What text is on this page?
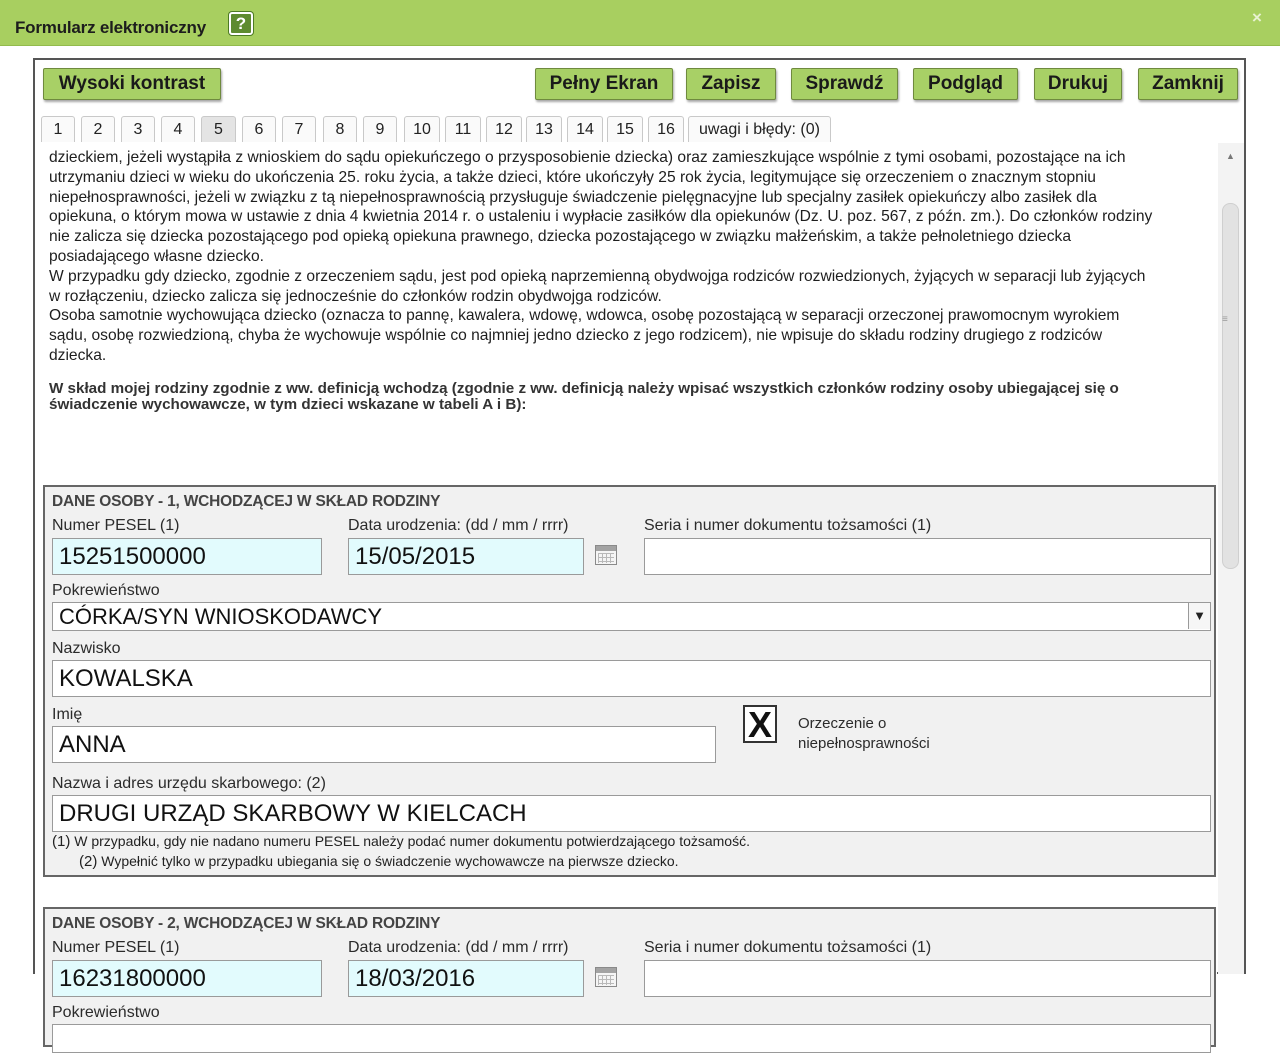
Formularz elektroniczny	?	×
Wysoki kontrast	Pełny Ekran	Zapisz	Sprawdź	Podgląd	Drukuj	Zamknij
1	2	3	4	5	6	7	8	9	10	11	12	13	14	15	16	uwagi i błędy: (0)

dzieckiem, jeżeli wystąpiła z wnioskiem do sądu opiekuńczego o przysposobienie dziecka) oraz zamieszkujące wspólnie z tymi osobami, pozostające na ich

utrzymaniu dzieci w wieku do ukończenia 25. roku życia, a także dzieci, które ukończyły 25 rok życia, legitymujące się orzeczeniem o znacznym stopniu

niepełnosprawności, jeżeli w związku z tą niepełnosprawnością przysługuje świadczenie pielęgnacyjne lub specjalny zasiłek opiekuńczy albo zasiłek dla

opiekuna, o którym mowa w ustawie z dnia 4 kwietnia 2014 r. o ustaleniu i wypłacie zasiłków dla opiekunów (Dz. U. poz. 567, z późn. zm.). Do członków rodziny

nie zalicza się dziecka pozostającego pod opieką opiekuna prawnego, dziecka pozostającego w związku małżeńskim, a także pełnoletniego dziecka

posiadającego własne dziecko.

W przypadku gdy dziecko, zgodnie z orzeczeniem sądu, jest pod opieką naprzemienną obydwojga rodziców rozwiedzionych, żyjących w separacji lub żyjących

w rozłączeniu, dziecko zalicza się jednocześnie do członków rodzin obydwojga rodziców.

Osoba samotnie wychowująca dziecko (oznacza to pannę, kawalera, wdowę, wdowca, osobę pozostającą w separacji orzeczonej prawomocnym wyrokiem

sądu, osobę rozwiedzioną, chyba że wychowuje wspólnie co najmniej jedno dziecko z jego rodzicem), nie wpisuje do składu rodziny drugiego z rodziców

dziecka.

W skład mojej rodziny zgodnie z ww. definicją wchodzą (zgodnie z ww. definicją należy wpisać wszystkich członków rodziny osoby ubiegającej się o świadczenie wychowawcze, w tym dzieci wskazane w tabeli A i B):
DANE OSOBY - 1, WCHODZĄCEJ W SKŁAD RODZINY
Numer PESEL (1)
15251500000
Data urodzenia: (dd / mm / rrrr)
15/05/2015
Seria i numer dokumentu tożsamości (1)
Pokrewieństwo
CÓRKA/SYN WNIOSKODAWCY	▼
Nazwisko
KOWALSKA
Imię
ANNA	X	Orzeczenie o
niepełnosprawności
Nazwa i adres urzędu skarbowego: (2)
DRUGI URZĄD SKARBOWY W KIELCACH
(1) W przypadku, gdy nie nadano numeru PESEL należy podać numer dokumentu potwierdzającego tożsamość.
(2) Wypełnić tylko w przypadku ubiegania się o świadczenie wychowawcze na pierwsze dziecko.
DANE OSOBY - 2, WCHODZĄCEJ W SKŁAD RODZINY
Numer PESEL (1)
16231800000
Data urodzenia: (dd / mm / rrrr)
18/03/2016
Seria i numer dokumentu tożsamości (1)
Pokrewieństwo
▲
≡
